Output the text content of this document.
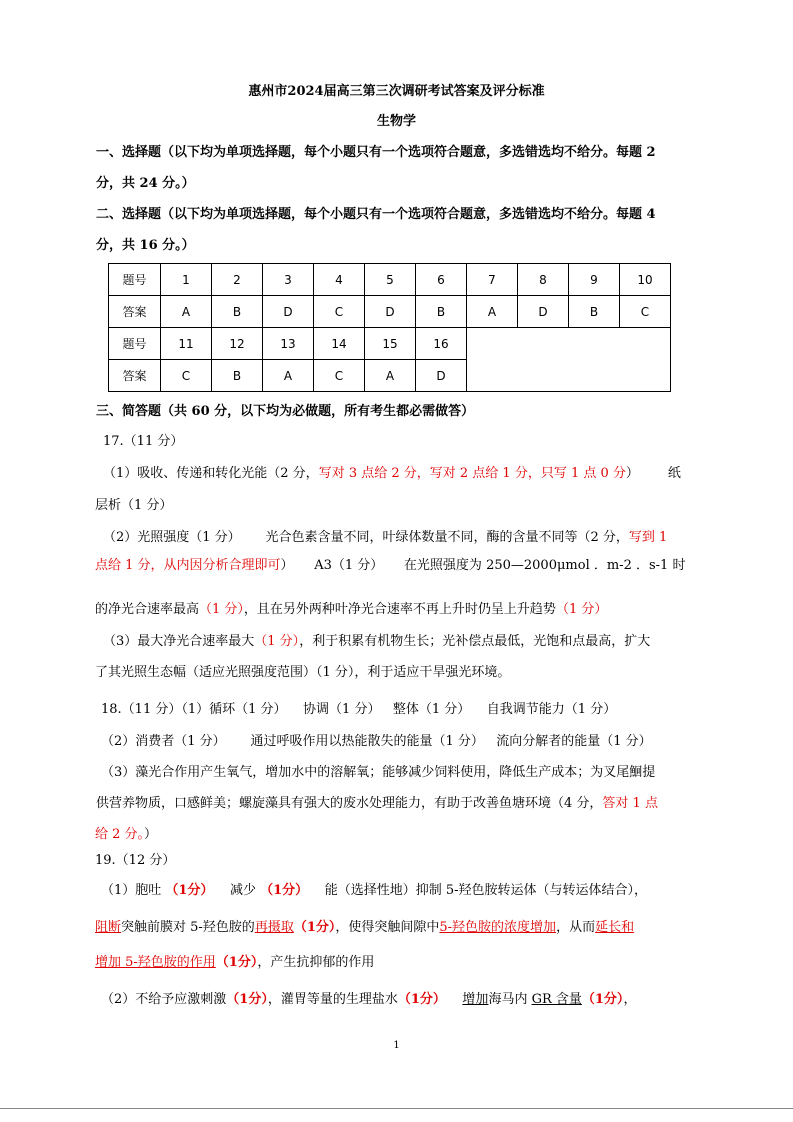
惠州市2024届高三第三次调研考试答案及评分标准
生物学
一、选择题（以下均为单项选择题，每个小题只有一个选项符合题意，多选错选均不给分。每题 2
分，共 24 分。）
二、选择题（以下均为单项选择题，每个小题只有一个选项符合题意，多选错选均不给分。每题 4
分，共 16 分。）
题号	1	2	3	4	5	6	7	8	9	10
答案	A	B	D	C	D	B	A	D	B	C
题号	11	12	13	14	15	16				
答案	C	B	A	C	A	D				
三、简答题（共 60 分，以下均为必做题，所有考生都必需做答）
17.（11 分）
（1）吸收、传递和转化光能（2 分，写对 3 点给 2 分，写对 2 点给 1 分，只写 1 点 0 分）       纸
层析（1 分）
（2）光照强度（1 分）      光合色素含量不同，叶绿体数量不同，酶的含量不同等（2 分，写到 1
点给 1 分，从内因分析合理即可）     A3（1 分）     在光照强度为 250—2000μmol ．m-2 ．s-1 时
的净光合速率最高（1 分），且在另外两种叶净光合速率不再上升时仍呈上升趋势（1 分）
（3）最大净光合速率最大（1 分），利于积累有机物生长；光补偿点最低，光饱和点最高，扩大
了其光照生态幅（适应光照强度范围）（1 分），利于适应干旱强光环境。
18.（11 分）（1）循环（1 分）    协调（1 分）   整体（1 分）    自我调节能力（1 分）
（2）消费者（1 分）      通过呼吸作用以热能散失的能量（1 分）   流向分解者的能量（1 分）
（3）藻光合作用产生氧气，增加水中的溶解氧；能够减少饲料使用，降低生产成本；为叉尾鮰提
供营养物质，口感鲜美；螺旋藻具有强大的废水处理能力，有助于改善鱼塘环境（4 分，答对 1 点
给 2 分。）
19.（12 分）
（1）胞吐 （1分）    减少 （1分）    能（选择性地）抑制 5-羟色胺转运体（与转运体结合），
阻断突触前膜对 5-羟色胺的再摄取（1分），使得突触间隙中5-羟色胺的浓度增加，从而延长和
增加 5-羟色胺的作用（1分），产生抗抑郁的作用
（2）不给予应激刺激（1分），灌胃等量的生理盐水（1分） 增加海马内 GR 含量（1分），
1
